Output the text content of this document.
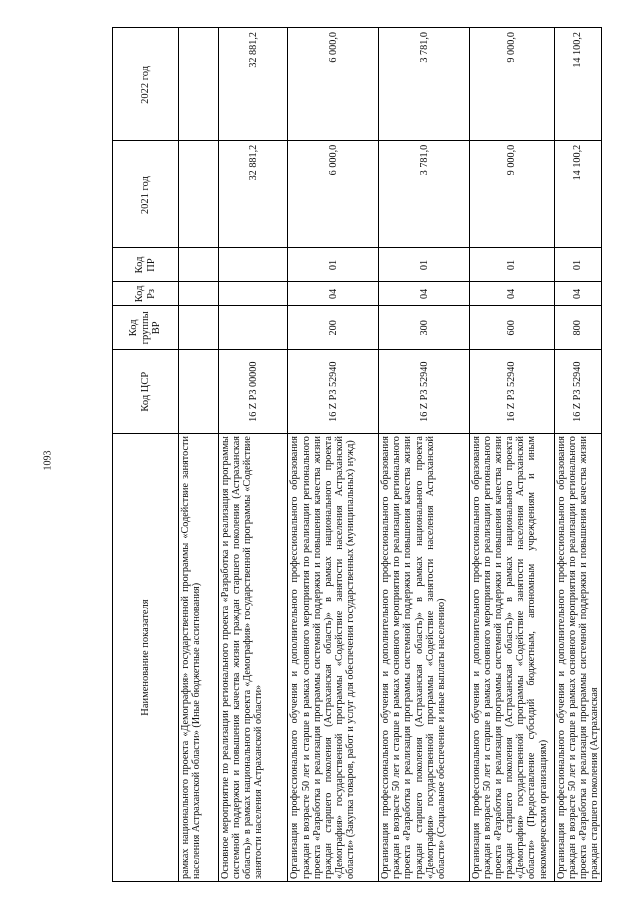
1093
Наименование показателя
Код ЦСР
Код группы ВР
Код Рз
Код ПР
2021 год
2022 год
рамках национального проекта «Демография» государственной программы «Содействие занятости населения Астраханской области» (Иные бюджетные ассигнования)	Основное мероприятие по реализации регионального проекта «Разработка и реализация программы системной поддержки и повышения качества жизни граждан старшего поколения (Астраханская область)» в рамках национального проекта «Демография» государственной программы «Содействие занятости населения Астраханской области»
16 Z P3 00000
32 881,2
32 881,2
Организация профессионального обучения и дополнительного профессионального образования граждан в возрасте 50 лет и старше в рамках основного мероприятия по реализации регионального проекта «Разработка и реализация программы системной поддержки и повышения качества жизни граждан старшего поколения (Астраханская область)» в рамках национального проекта «Демография» государственной программы «Содействие занятости населения Астраханской области» (Закупка товаров, работ и услуг для обеспечения государственных (муниципальных) нужд)
16 Z P3 52940
200
04
01
6 000,0
6 000,0
Организация профессионального обучения и дополнительного профессионального образования граждан в возрасте 50 лет и старше в рамках основного мероприятия по реализации регионального проекта «Разработка и реализация программы системной поддержки и повышения качества жизни граждан старшего поколения (Астраханская область)» в рамках национального проекта «Демография» государственной программы «Содействие занятости населения Астраханской области» (Социальное обеспечение и иные выплаты населению)
16 Z P3 52940
300
04
01
3 781,0
3 781,0
Организация профессионального обучения и дополнительного профессионального образования граждан в возрасте 50 лет и старше в рамках основного мероприятия по реализации регионального проекта «Разработка и реализация программы системной поддержки и повышения качества жизни граждан старшего поколения (Астраханская область)» в рамках национального проекта «Демография» государственной программы «Содействие занятости населения Астраханской области» (Предоставление субсидий бюджетным, автономным учреждениям и иным некоммерческим организациям)
16 Z P3 52940
600
04
01
9 000,0
9 000,0
Организация профессионального обучения и дополнительного профессионального образования граждан в возрасте 50 лет и старше в рамках основного мероприятия по реализации регионального проекта «Разработка и реализация программы системной поддержки и повышения качества жизни граждан старшего поколения (Астраханская
16 Z P3 52940
800
04
01
14 100,2
14 100,2
